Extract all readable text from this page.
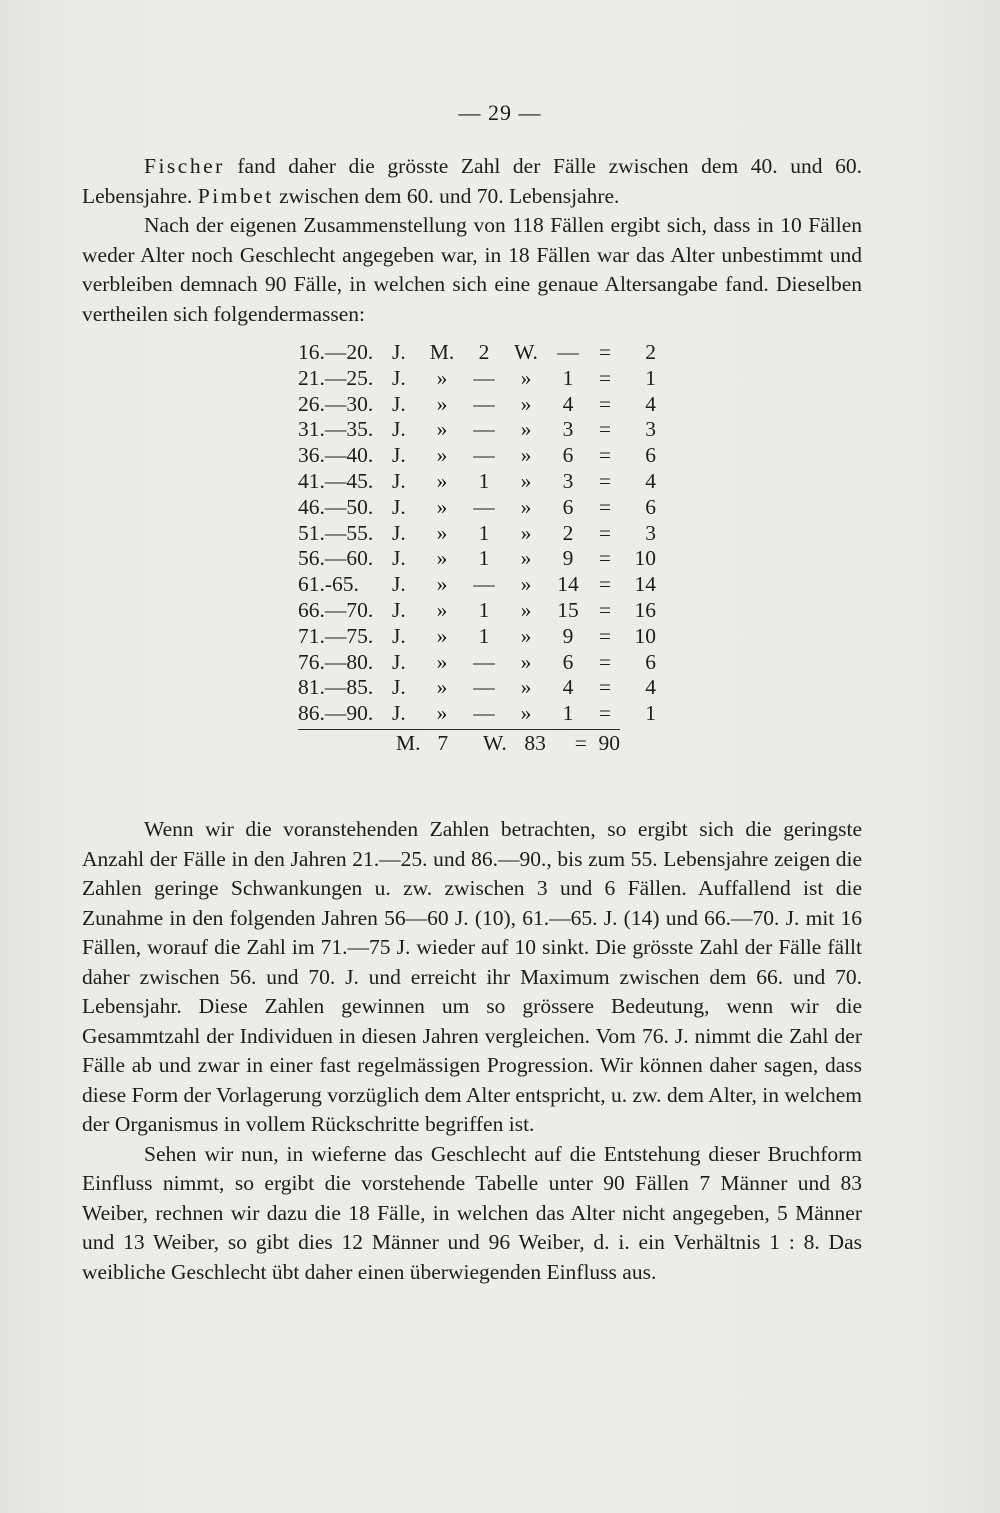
— 29 —

Fischer fand daher die grösste Zahl der Fälle zwischen dem 40. und 60. Lebensjahre. Pimbet zwischen dem 60. und 70. Lebensjahre.

Nach der eigenen Zusammenstellung von 118 Fällen ergibt sich, dass in 10 Fällen weder Alter noch Geschlecht angegeben war, in 18 Fällen war das Alter unbestimmt und verbleiben demnach 90 Fälle, in welchen sich eine genaue Altersangabe fand. Dieselben vertheilen sich folgendermassen:

16.—20. J.	M.	2	W. — =	2
21.—25. J.	»	—	»	1	=	1
26.—30. J.	»	—	»	4	=	4
31.—35. J.	»	—	»	3	=	3
36.—40. J.	»	—	»	6	=	6
41.—45. J.	»	1	»	3	=	4
46.—50. J.	»	—	»	6	=	6
51.—55. J.	»	1	»	2	=	3
56.—60. J.	»	1	»	9	=	10
61.-65.	J.	»	—	»	14 =	14
66.—70. J.	»	1	»	15 =	16
71.—75. J.	»	1	»	9	=	10
76.—80. J.	»	—	»	6	=	6
81.—85. J.	»	—	»	4	=	4
86.—90. J.	»	—	»	1	=	1
M. 7	W. 83	= 90

Wenn wir die voranstehenden Zahlen betrachten, so ergibt sich die geringste Anzahl der Fälle in den Jahren 21.—25. und 86.—90., bis zum 55. Lebensjahre zeigen die Zahlen geringe Schwankungen u. zw. zwischen 3 und 6 Fällen. Auffallend ist die Zunahme in den folgenden Jahren 56—60 J. (10), 61.—65. J. (14) und 66.—70. J. mit 16 Fällen, worauf die Zahl im 71.—75 J. wieder auf 10 sinkt. Die grösste Zahl der Fälle fällt daher zwischen 56. und 70. J. und erreicht ihr Maximum zwischen dem 66. und 70. Lebensjahr. Diese Zahlen gewinnen um so grössere Bedeutung, wenn wir die Gesammtzahl der Individuen in diesen Jahren vergleichen. Vom 76. J. nimmt die Zahl der Fälle ab und zwar in einer fast regelmässigen Progression. Wir können daher sagen, dass diese Form der Vorlagerung vorzüglich dem Alter entspricht, u. zw. dem Alter, in welchem der Organismus in vollem Rückschritte begriffen ist.

Sehen wir nun, in wieferne das Geschlecht auf die Entstehung dieser Bruchform Einfluss nimmt, so ergibt die vorstehende Tabelle unter 90 Fällen 7 Männer und 83 Weiber, rechnen wir dazu die 18 Fälle, in welchen das Alter nicht angegeben, 5 Männer und 13 Weiber, so gibt dies 12 Männer und 96 Weiber, d. i. ein Verhältnis 1 : 8. Das weibliche Geschlecht übt daher einen überwiegenden Einfluss aus.
